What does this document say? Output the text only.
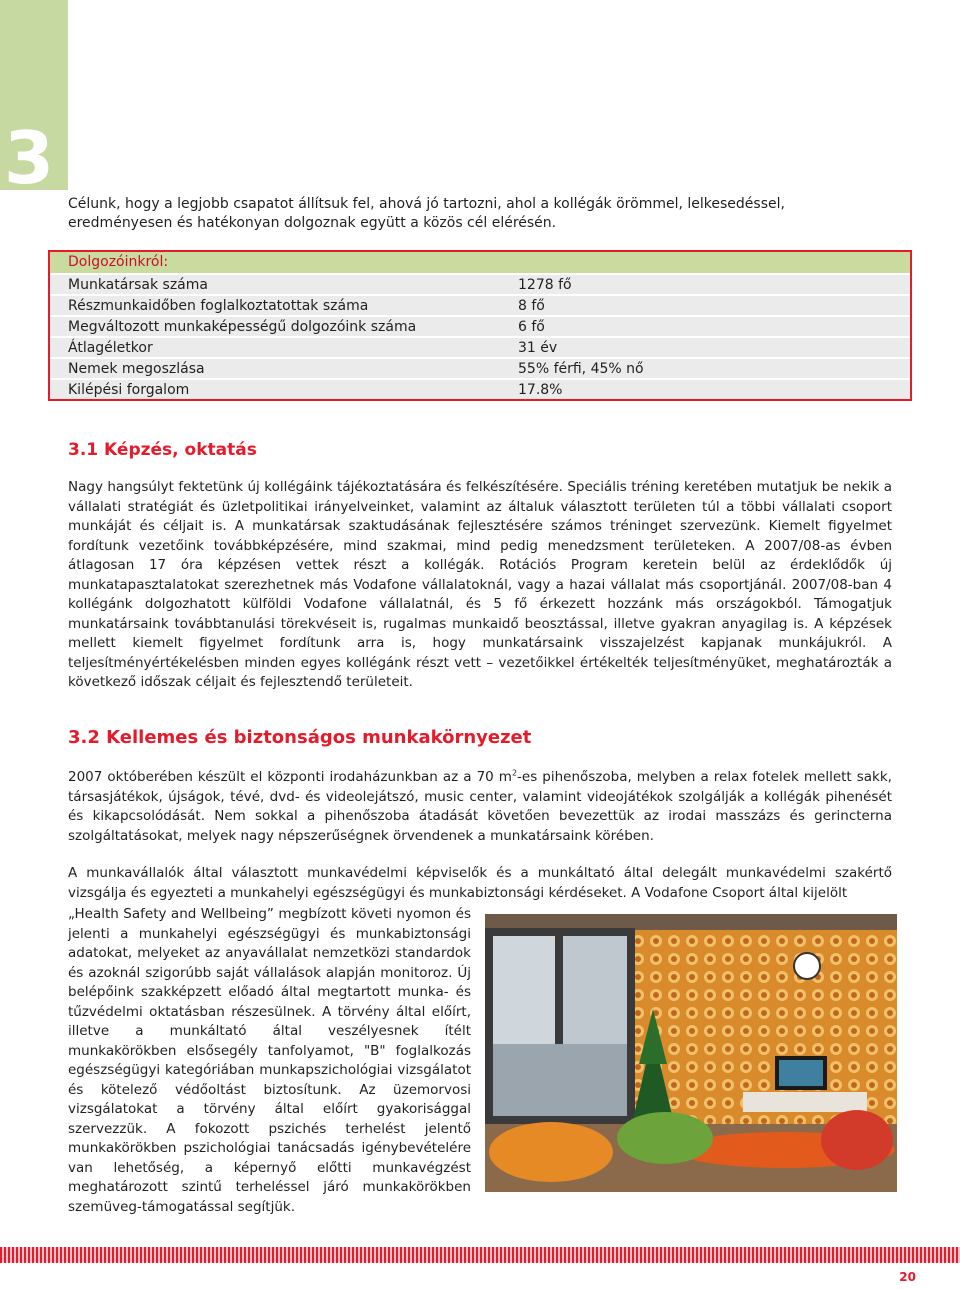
3

Célunk, hogy a legjobb csapatot állítsuk fel, ahová jó tartozni, ahol a kollégák örömmel, lelkesedéssel, eredményesen és hatékonyan dolgoznak együtt a közös cél elérésén.

Dolgozóinkról:
Munkatársak száma	1278 fő
Részmunkaidőben foglalkoztatottak száma	8 fő
Megváltozott munkaképességű dolgozóink száma	6 fő
Átlagéletkor	31 év
Nemek megoszlása	55% férfi, 45% nő
Kilépési forgalom	17.8%
3.1 Képzés, oktatás

Nagy hangsúlyt fektetünk új kollégáink tájékoztatására és felkészítésére. Speciális tréning keretében mutatjuk be nekik a vállalati stratégiát és üzletpolitikai irányelveinket, valamint az általuk választott területen túl a többi vállalati csoport munkáját és céljait is. A munkatársak szaktudásának fejlesztésére számos tréninget szervezünk. Kiemelt figyelmet fordítunk vezetőink továbbképzésére, mind szakmai, mind pedig menedzsment területeken. A 2007/08-as évben átlagosan 17 óra képzésen vettek részt a kollégák. Rotációs Program keretein belül az érdeklődők új munkatapasztalatokat szerezhetnek más Vodafone vállalatoknál, vagy a hazai vállalat más csoportjánál. 2007/08-ban 4 kollégánk dolgozhatott külföldi Vodafone vállalatnál, és 5 fő érkezett hozzánk más országokból. Támogatjuk munkatársaink továbbtanulási törekvéseit is, rugalmas munkaidő beosztással, illetve gyakran anyagilag is. A képzések mellett kiemelt figyelmet fordítunk arra is, hogy munkatársaink visszajelzést kapjanak munkájukról. A teljesítményértékelésben minden egyes kollégánk részt vett – vezetőikkel értékelték teljesítményüket, meghatározták a következő időszak céljait és fejlesztendő területeit.

3.2 Kellemes és biztonságos munkakörnyezet

2007 októberében készült el központi irodaházunkban az a 70 $m^2-es$ pihenőszoba, melyben a relax fotelek mellett sakk, társasjátékok, újságok, tévé, dvd- és videolejátszó, music center, valamint videojátékok szolgálják a kollégák pihenését és kikapcsolódását. Nem sokkal a pihenőszoba átadását követően bevezettük az irodai masszázs és gerincterna szolgáltatásokat, melyek nagy népszerűségnek örvendenek a munkatársaink körében.

A munkavállalók által választott munkavédelmi képviselők és a munkáltató által delegált munkavédelmi szakértő vizsgálja és egyezteti a munkahelyi egészségügyi és munkabiztonsági kérdéseket. A Vodafone Csoport által kijelölt

„Health Safety and Wellbeing” megbízott követi nyomon és jelenti a munkahelyi egészségügyi és munkabiztonsági adatokat, melyeket az anyavállalat nemzetközi standardok és azoknál szigorúbb saját vállalások alapján monitoroz. Új belépőink szakképzett előadó által megtartott munka- és tűzvédelmi oktatásban részesülnek. A törvény által előírt, illetve a munkáltató által veszélyesnek ítélt munkakörökben elsősegély tanfolyamot, "B" foglalkozás egészségügyi kategóriában munkapszichológiai vizsgálatot és kötelező védőoltást biztosítunk. Az üzemorvosi vizsgálatokat a törvény által előírt gyakorisággal szervezzük. A fokozott pszichés terhelést jelentő munkakörökben pszichológiai tanácsadás igénybevételére van lehetőség, a képernyő előtti munkavégzést meghatározott szintű terheléssel járó munkakörökben szemüveg-támogatással segítjük.

20
